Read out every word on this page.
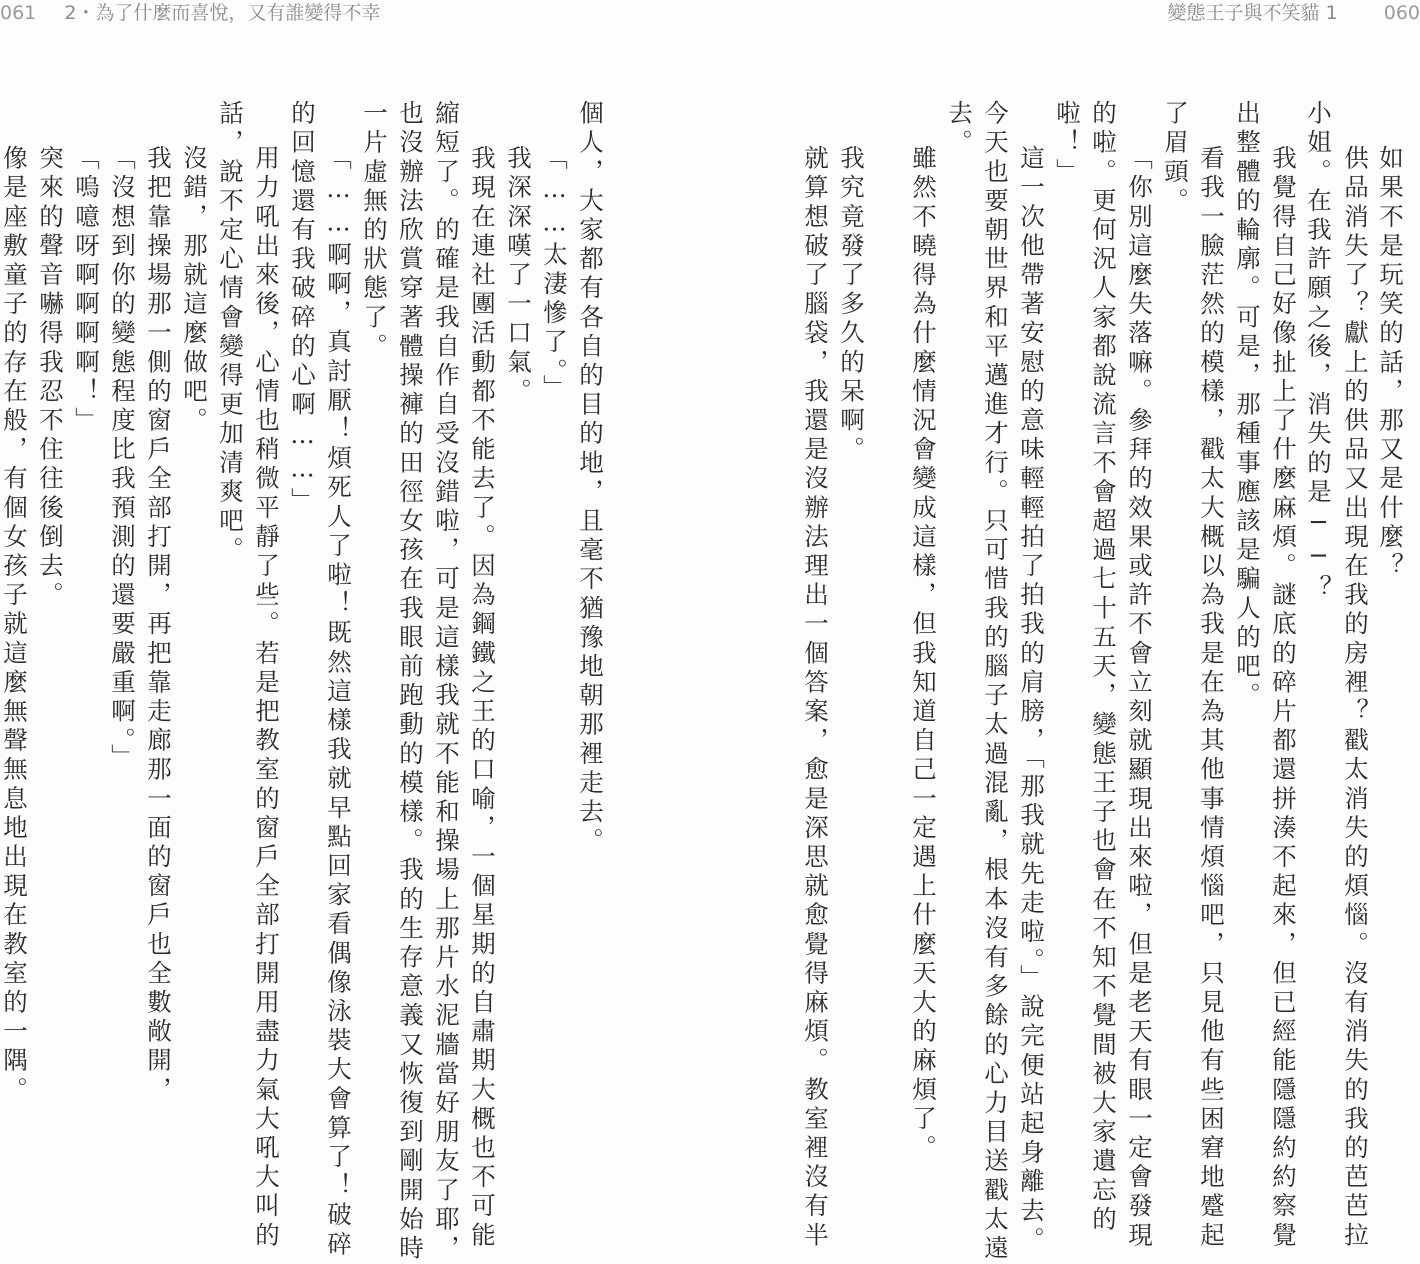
061 2・為了什麼而喜悅，又有誰變得不幸	變態王子與不笑貓 1 060
如果不是玩笑的話，那又是什麼？
供品消失了？獻上的供品又出現在我的房裡？戳太消失的煩惱。沒有消失的我的芭芭拉
小姐。在我許願之後，消失的是──？
我覺得自己好像扯上了什麼麻煩。謎底的碎片都還拼湊不起來，但已經能隱隱約約察覺
出整體的輪廓。可是，那種事應該是騙人的吧。
看我一臉茫然的模樣，戳太大概以為我是在為其他事情煩惱吧，只見他有些困窘地蹙起
了眉頭。
「你別這麼失落嘛。參拜的效果或許不會立刻就顯現出來啦，但是老天有眼一定會發現
的啦。更何況人家都說流言不會超過七十五天，變態王子也會在不知不覺間被大家遺忘的
啦！」
這一次他帶著安慰的意味輕輕拍了拍我的肩膀，「那我就先走啦。」說完便站起身離去。
今天也要朝世界和平邁進才行。只可惜我的腦子太過混亂，根本沒有多餘的心力目送戳太遠
去。
雖然不曉得為什麼情況會變成這樣，但我知道自己一定遇上什麼天大的麻煩了。
我究竟發了多久的呆啊。
就算想破了腦袋，我還是沒辦法理出一個答案，愈是深思就愈覺得麻煩。教室裡沒有半
個人，大家都有各自的目的地，且毫不猶豫地朝那裡走去。
「……太淒慘了。」
我深深嘆了一口氣。
我現在連社團活動都不能去了。因為鋼鐵之王的口喻，一個星期的自肅期大概也不可能
縮短了。的確是我自作自受沒錯啦，可是這樣我就不能和操場上那片水泥牆當好朋友了耶，
也沒辦法欣賞穿著體操褲的田徑女孩在我眼前跑動的模樣。我的生存意義又恢復到剛開始時
一片虛無的狀態了。
「……啊啊，真討厭！煩死人了啦！既然這樣我就早點回家看偶像泳裝大會算了！破碎
的回憶還有我破碎的心啊……」
用力吼出來後，心情也稍微平靜了些。若是把教室的窗戶全部打開用盡力氣大吼大叫的
話，說不定心情會變得更加清爽吧。
沒錯，那就這麼做吧。
我把靠操場那一側的窗戶全部打開，再把靠走廊那一面的窗戶也全數敞開，
「沒想到你的變態程度比我預測的還要嚴重啊。」
「嗚噫呀啊啊啊啊！」
突來的聲音嚇得我忍不住往後倒去。
像是座敷童子的存在般，有個女孩子就這麼無聲無息地出現在教室的一隅。
